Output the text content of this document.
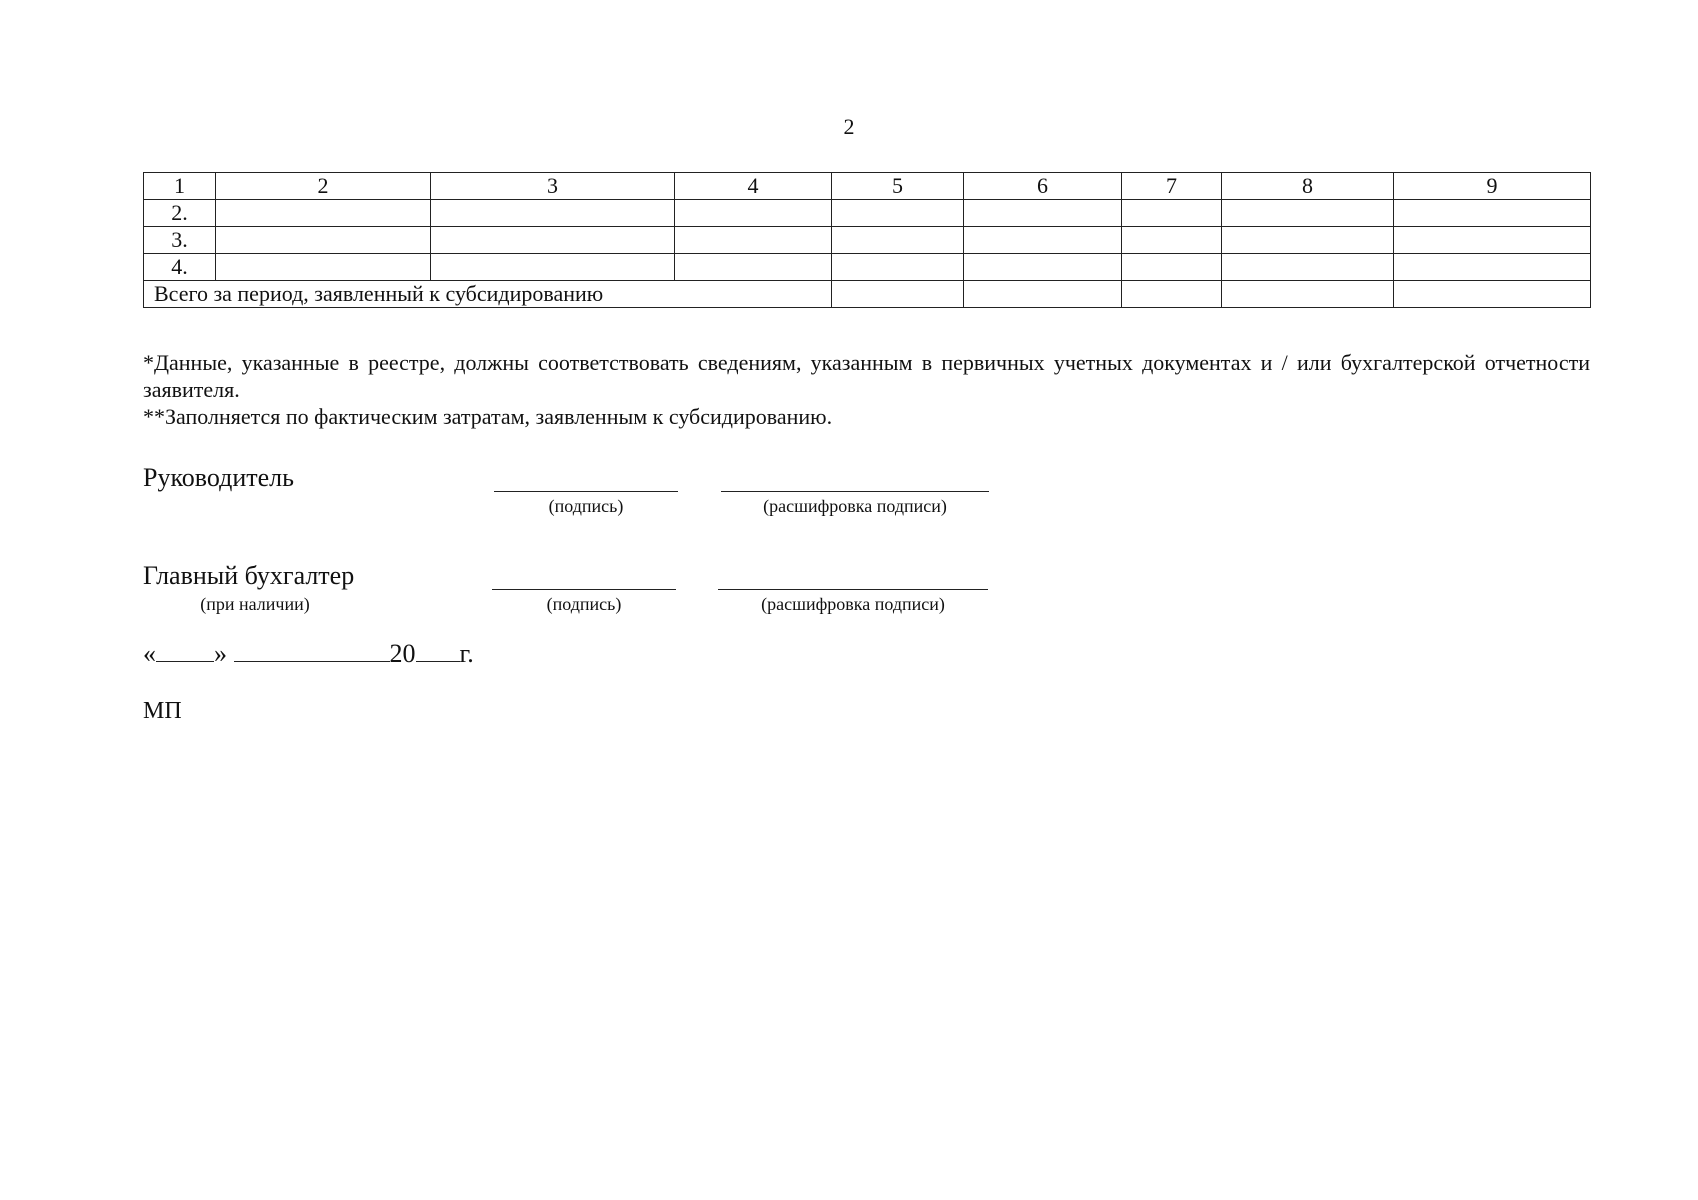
2
1	2	3	4	5	6	7	8	9
2.								
3.								
4.								
Всего за период, заявленный к субсидированию								

*Данные, указанные в реестре, должны соответствовать сведениям, указанным в первичных учетных документах и / или бухгалтерской отчетности заявителя.

**Заполняется по фактическим затратам, заявленным к субсидированию.

Руководитель
(подпись)	(расшифровка подписи)
Главный бухгалтер
(при наличии)	(подпись)	(расшифровка подписи)
« »	20 г.
МП
